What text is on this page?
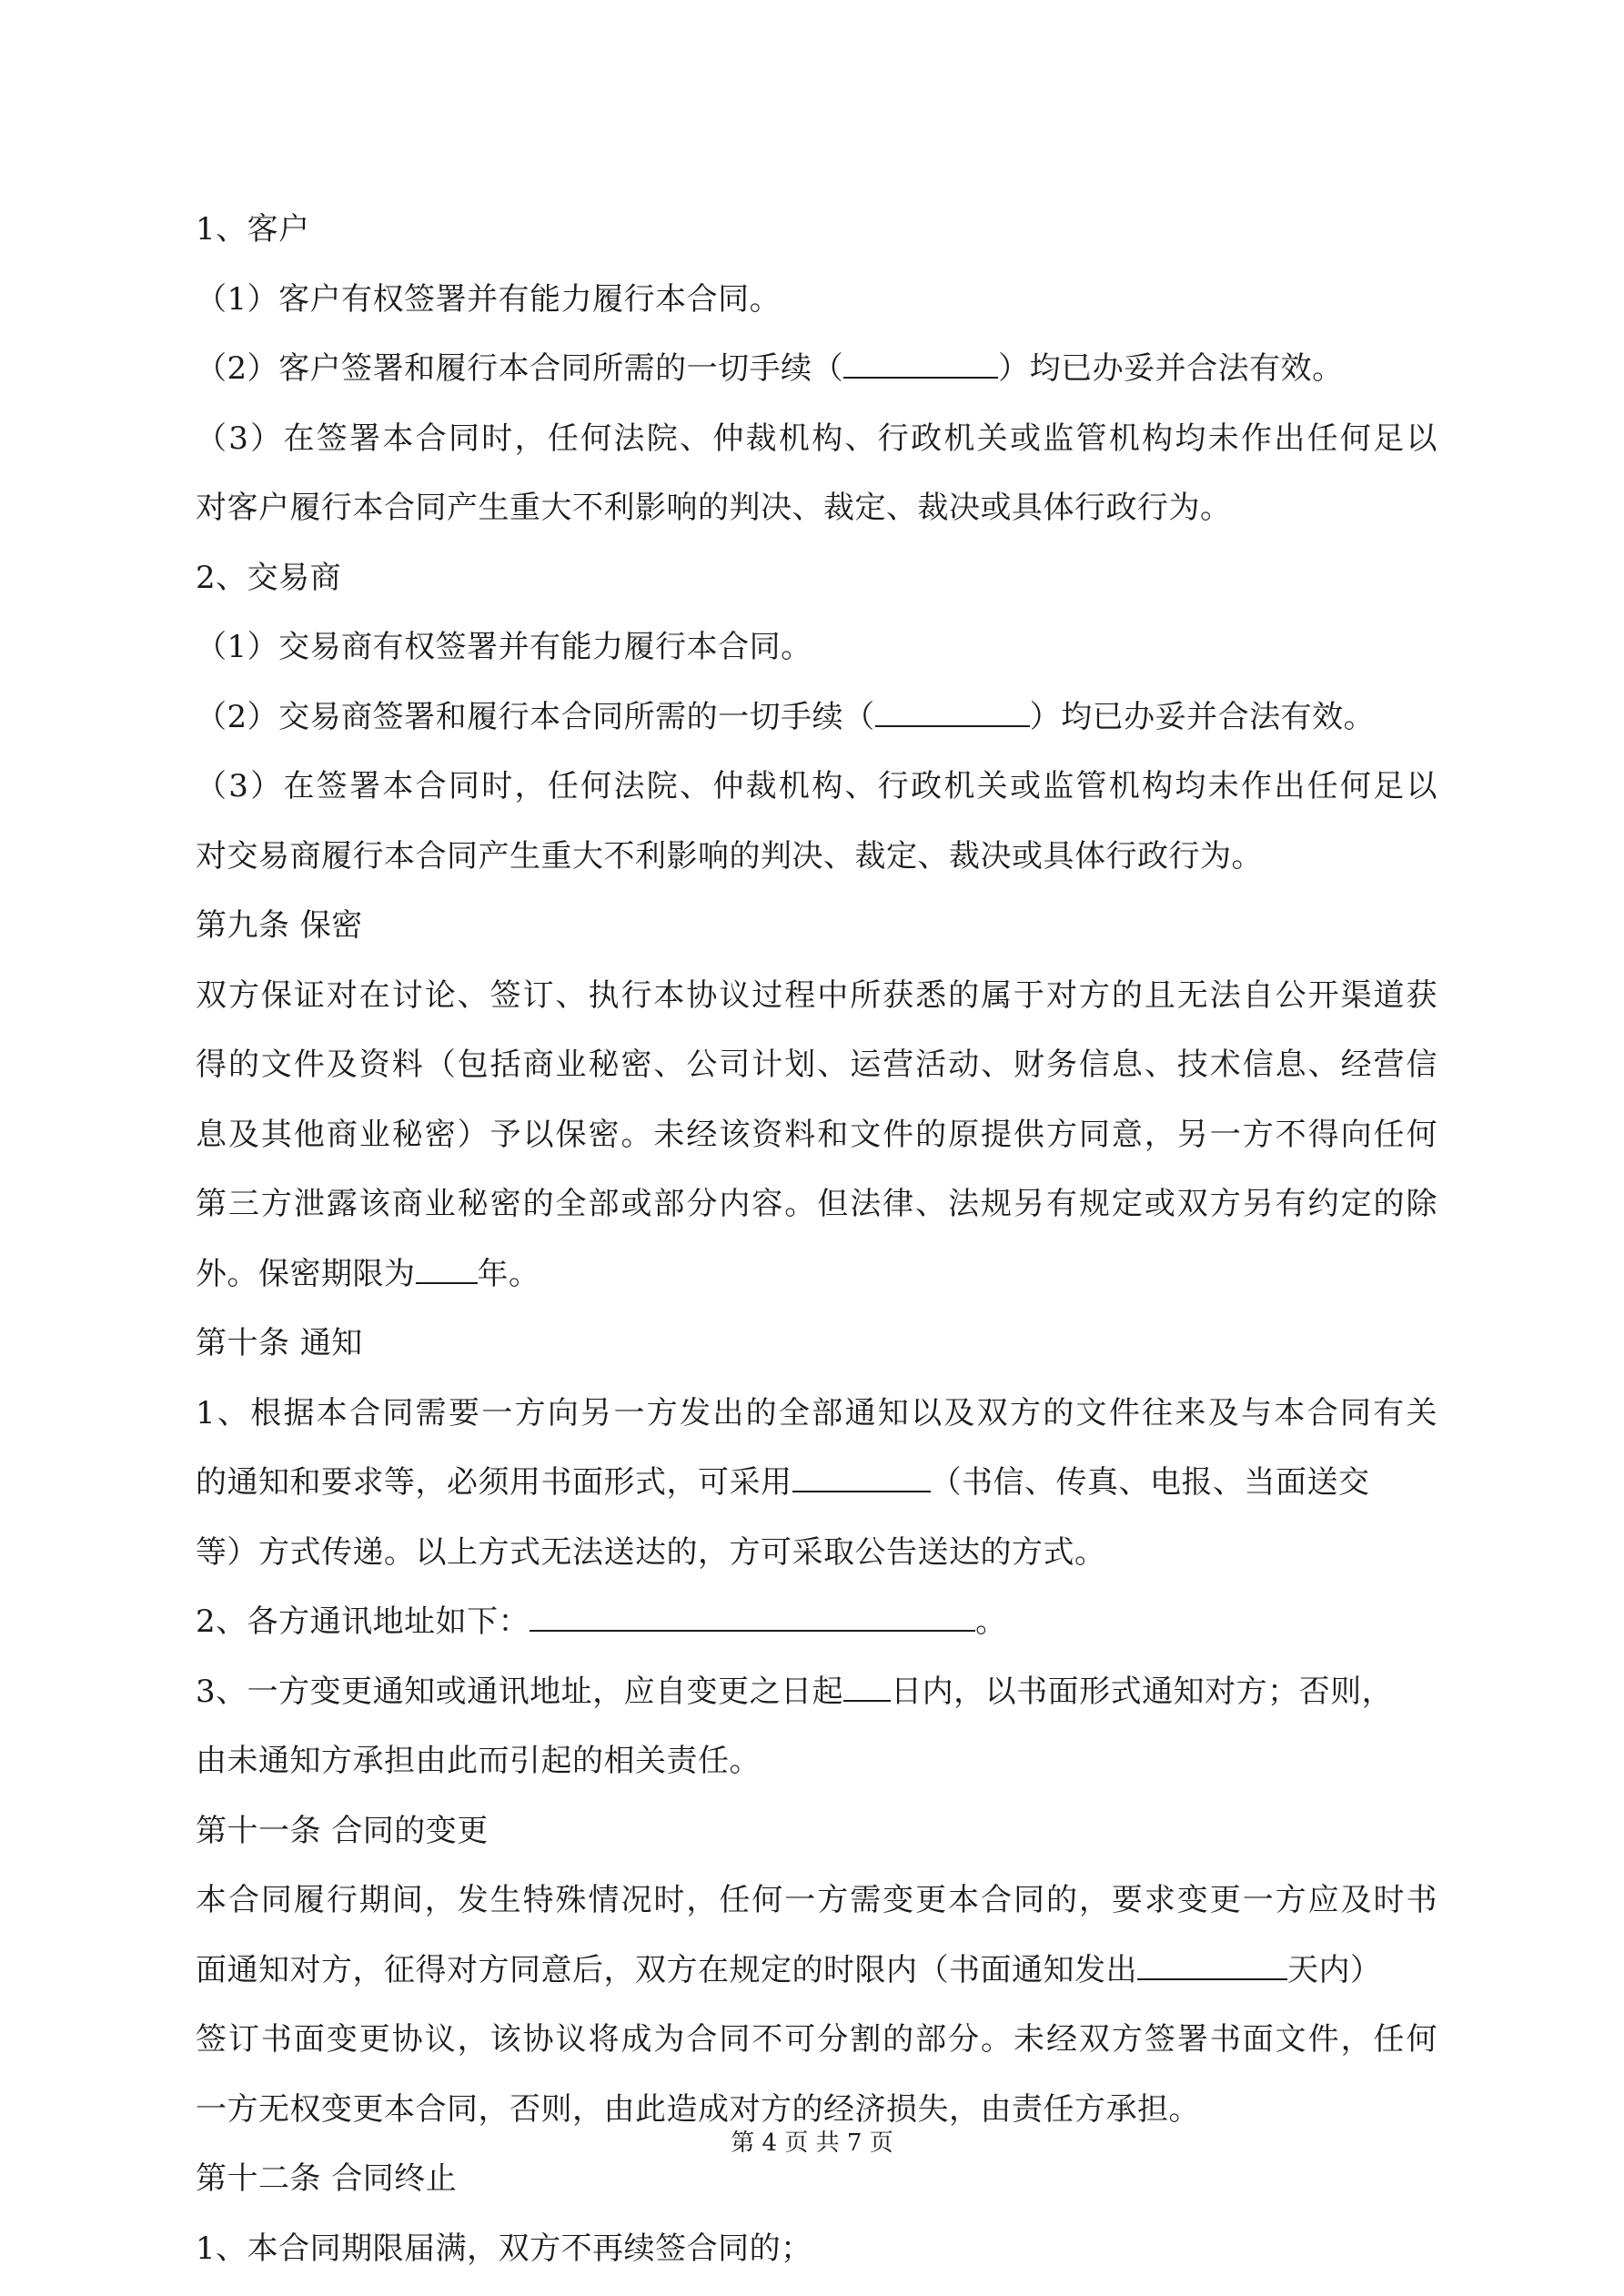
1、客户
（1）客户有权签署并有能力履行本合同。
（2）客户签署和履行本合同所需的一切手续（	）均已办妥并合法有效。
（3）在签署本合同时，任何法院、仲裁机构、行政机关或监管机构均未作出任何足以
对客户履行本合同产生重大不利影响的判决、裁定、裁决或具体行政行为。
2、交易商
（1）交易商有权签署并有能力履行本合同。
（2）交易商签署和履行本合同所需的一切手续（	）均已办妥并合法有效。
（3）在签署本合同时，任何法院、仲裁机构、行政机关或监管机构均未作出任何足以
对交易商履行本合同产生重大不利影响的判决、裁定、裁决或具体行政行为。
第九条 保密
双方保证对在讨论、签订、执行本协议过程中所获悉的属于对方的且无法自公开渠道获
得的文件及资料（包括商业秘密、公司计划、运营活动、财务信息、技术信息、经营信
息及其他商业秘密）予以保密。未经该资料和文件的原提供方同意，另一方不得向任何
第三方泄露该商业秘密的全部或部分内容。但法律、法规另有规定或双方另有约定的除
外。保密期限为 年。
第十条 通知
1、根据本合同需要一方向另一方发出的全部通知以及双方的文件往来及与本合同有关
的通知和要求等，必须用书面形式，可采用	（书信、传真、电报、当面送交
等）方式传递。以上方式无法送达的，方可采取公告送达的方式。
2、各方通讯地址如下：	。
3、一方变更通知或通讯地址，应自变更之日起 日内，以书面形式通知对方；否则，
由未通知方承担由此而引起的相关责任。
第十一条 合同的变更
本合同履行期间，发生特殊情况时，任何一方需变更本合同的，要求变更一方应及时书
面通知对方，征得对方同意后，双方在规定的时限内（书面通知发出	天内）
签订书面变更协议，该协议将成为合同不可分割的部分。未经双方签署书面文件，任何
一方无权变更本合同，否则，由此造成对方的经济损失，由责任方承担。
第十二条 合同终止
1、本合同期限届满，双方不再续签合同的；
第 4 页 共 7 页
